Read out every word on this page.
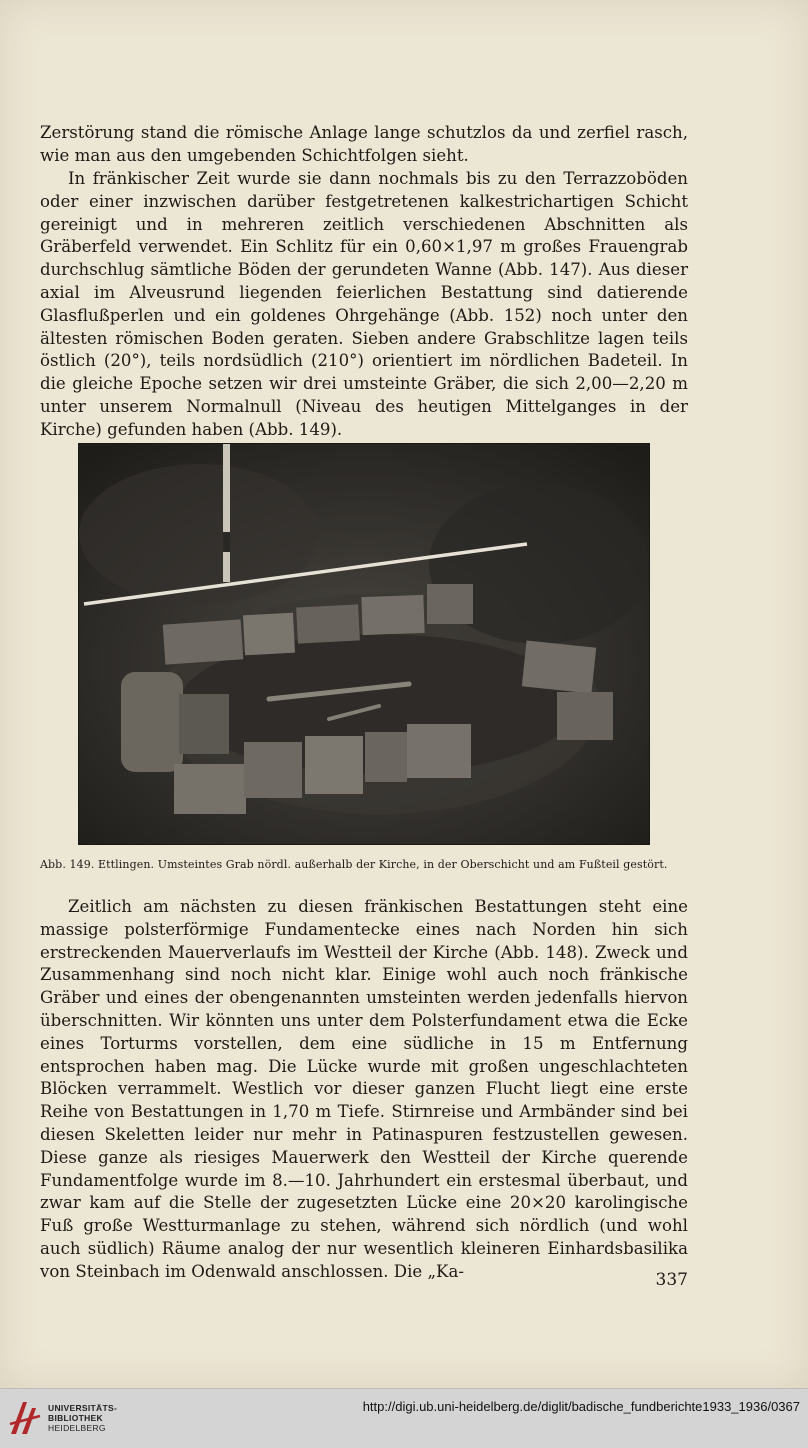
Zerstörung stand die römische Anlage lange schutzlos da und zerfiel rasch, wie man aus den umgebenden Schichtfolgen sieht.

In fränkischer Zeit wurde sie dann nochmals bis zu den Terrazzoböden oder einer inzwischen darüber festgetretenen kalkestrichartigen Schicht gereinigt und in mehreren zeitlich verschiedenen Abschnitten als Gräberfeld verwendet. Ein Schlitz für ein 0,60×1,97 m großes Frauengrab durchschlug sämtliche Böden der gerundeten Wanne (Abb. 147). Aus dieser axial im Alveusrund liegenden feierlichen Bestattung sind datierende Glasflußperlen und ein goldenes Ohrgehänge (Abb. 152) noch unter den ältesten römischen Boden geraten. Sieben andere Grabschlitze lagen teils östlich (20°), teils nordsüdlich (210°) orientiert im nördlichen Badeteil. In die gleiche Epoche setzen wir drei umsteinte Gräber, die sich 2,00—2,20 m unter unserem Normalnull (Niveau des heutigen Mittelganges in der Kirche) gefunden haben (Abb. 149).

Abb. 149. Ettlingen. Umsteintes Grab nördl. außerhalb der Kirche, in der Oberschicht und am Fußteil gestört.

Zeitlich am nächsten zu diesen fränkischen Bestattungen steht eine massige polsterförmige Fundamentecke eines nach Norden hin sich erstreckenden Mauerverlaufs im Westteil der Kirche (Abb. 148). Zweck und Zusammenhang sind noch nicht klar. Einige wohl auch noch fränkische Gräber und eines der obengenannten umsteinten werden jedenfalls hiervon überschnitten. Wir könnten uns unter dem Polsterfundament etwa die Ecke eines Torturms vorstellen, dem eine südliche in 15 m Entfernung entsprochen haben mag. Die Lücke wurde mit großen ungeschlachteten Blöcken verrammelt. Westlich vor dieser ganzen Flucht liegt eine erste Reihe von Bestattungen in 1,70 m Tiefe. Stirnreise und Armbänder sind bei diesen Skeletten leider nur mehr in Patinaspuren festzustellen gewesen. Diese ganze als riesiges Mauerwerk den Westteil der Kirche querende Fundamentfolge wurde im 8.—10. Jahrhundert ein erstesmal überbaut, und zwar kam auf die Stelle der zugesetzten Lücke eine 20×20 karolingische Fuß große Westturmanlage zu stehen, während sich nördlich (und wohl auch südlich) Räume analog der nur wesentlich kleineren Einhardsbasilika von Steinbach im Odenwald anschlossen. Die „Ka-	337
UNIVERSITÄTS-
BIBLIOTHEK
HEIDELBERG
http://digi.ub.uni-heidelberg.de/diglit/badische_fundberichte1933_1936/0367
